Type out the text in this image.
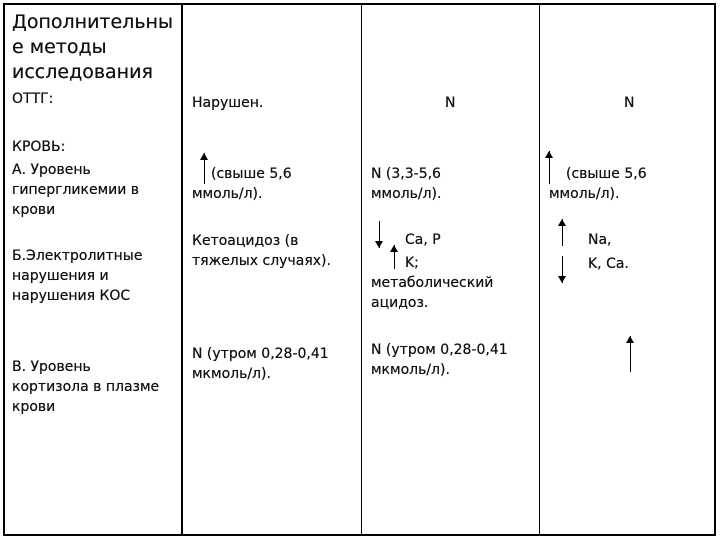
Дополнительны
е методы
исследования
ОТТГ:
КРОВЬ:
А. Уровень
гипергликемии в
крови
Б.Электролитные
нарушения и
нарушения КОС
В. Уровень
кортизола в плазме
крови
Нарушен.
(свыше 5,6
ммоль/л).
Кетоацидоз (в
тяжелых случаях).
N (утром 0,28-0,41
мкмоль/л).
N
N (3,3-5,6
ммоль/л).
Ca, P
K;
метаболический
ацидоз.
N (утром 0,28-0,41
мкмоль/л).
N
(свыше 5,6
ммоль/л).
Na,
K, Ca.
